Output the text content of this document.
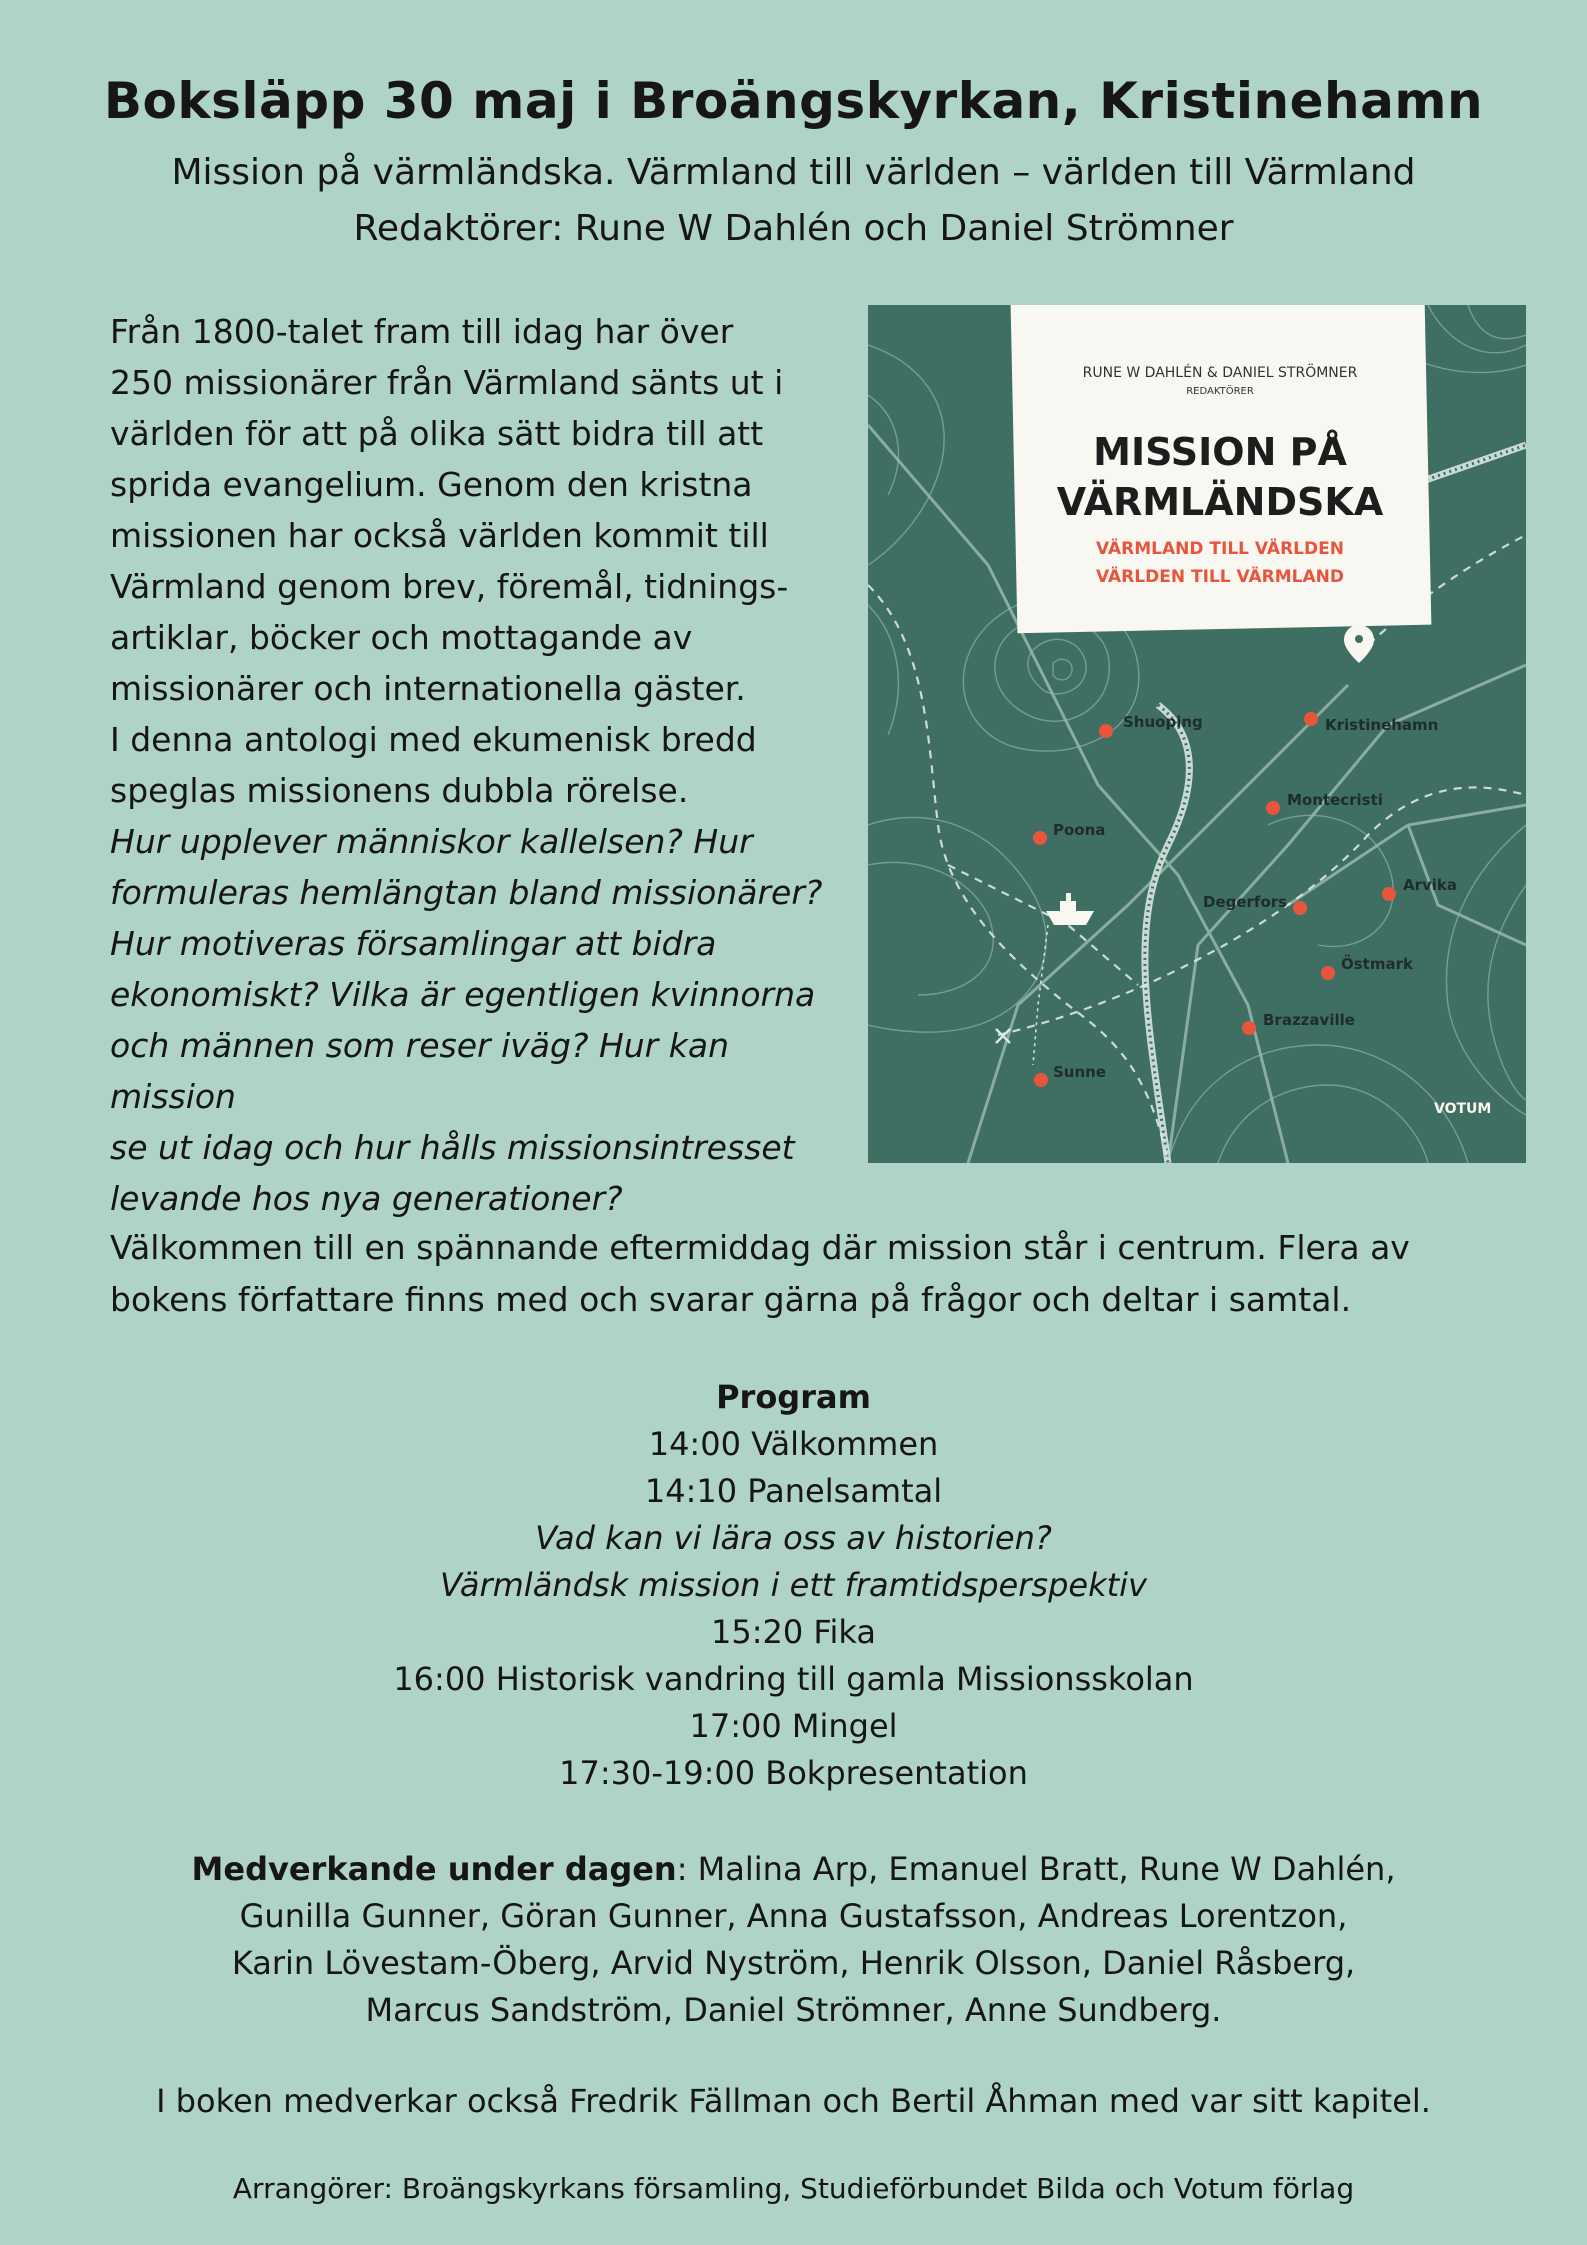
Boksläpp 30 maj i Broängskyrkan, Kristinehamn

Mission på värmländska. Värmland till världen – världen till Värmland

Redaktörer: Rune W Dahlén och Daniel Strömner

Från 1800-talet fram till idag har över

250 missionärer från Värmland sänts ut i

världen för att på olika sätt bidra till att

sprida evangelium. Genom den kristna

missionen har också världen kommit till

Värmland genom brev, föremål, tidnings-

artiklar, böcker och mottagande av

missionärer och internationella gäster.

I denna antologi med ekumenisk bredd

speglas missionens dubbla rörelse.

Hur upplever människor kallelsen? Hur

formuleras hemlängtan bland missionärer?

Hur motiveras församlingar att bidra

ekonomiskt? Vilka är egentligen kvinnorna

och männen som reser iväg? Hur kan mission

se ut idag och hur hålls missionsintresset

levande hos nya generationer?

Shuoping	Kristinehamn
Montecristi
Poona
Degerfors
Arvika
Östmark
Brazzaville
Sunne
RUNE W DAHLÉN & DANIEL STRÖMNER
REDAKTÖRER
MISSION PÅ
VÄRMLÄNDSKA
VÄRMLAND TILL VÄRLDEN
VÄRLDEN TILL VÄRMLAND
VOTUM
Välkommen till en spännande eftermiddag där mission står i centrum. Flera av
bokens författare finns med och svarar gärna på frågor och deltar i samtal.
Program
14:00 Välkommen
14:10 Panelsamtal
Vad kan vi lära oss av historien?
Värmländsk mission i ett framtidsperspektiv
15:20 Fika
16:00 Historisk vandring till gamla Missionsskolan
17:00 Mingel
17:30-19:00 Bokpresentation
Medverkande under dagen: Malina Arp, Emanuel Bratt, Rune W Dahlén,
Gunilla Gunner, Göran Gunner, Anna Gustafsson, Andreas Lorentzon,
Karin Lövestam-Öberg, Arvid Nyström, Henrik Olsson, Daniel Råsberg,
Marcus Sandström, Daniel Strömner, Anne Sundberg.

I boken medverkar också Fredrik Fällman och Bertil Åhman med var sitt kapitel.

Arrangörer: Broängskyrkans församling, Studieförbundet Bilda och Votum förlag
